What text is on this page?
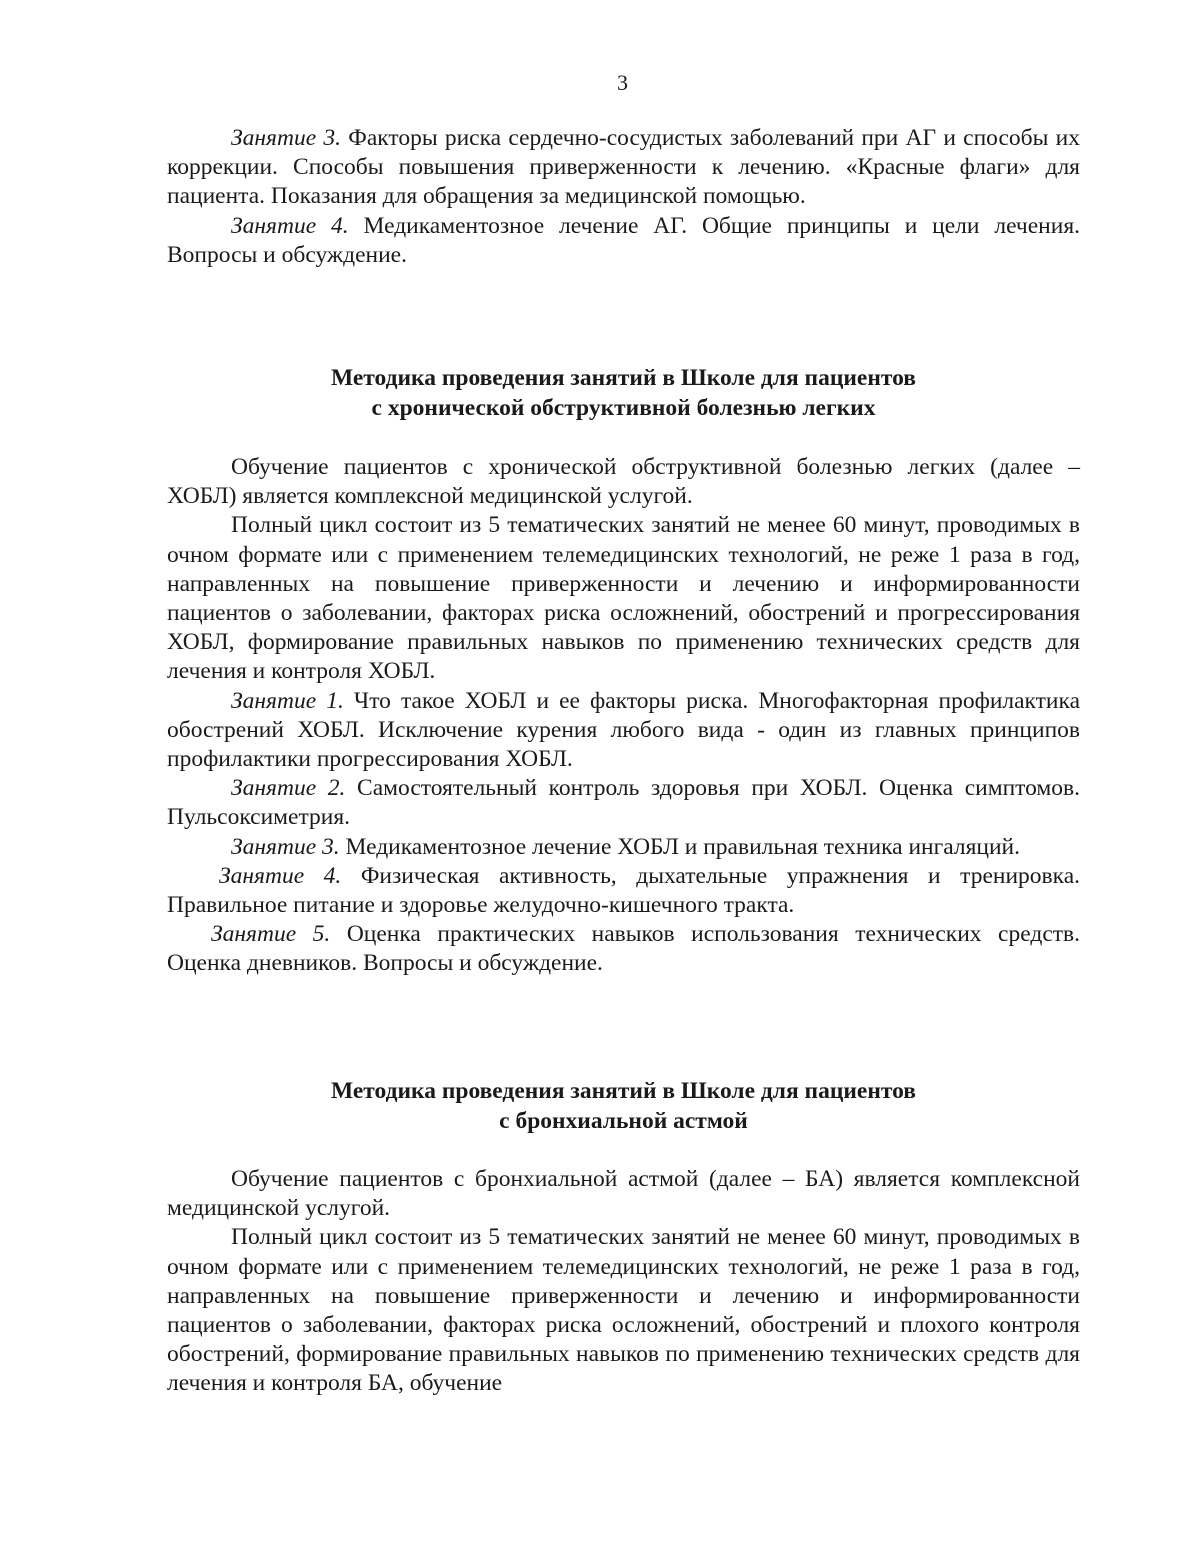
3

Занятие 3. Факторы риска сердечно-сосудистых заболеваний при АГ и способы их коррекции. Способы повышения приверженности к лечению. «Красные флаги» для пациента. Показания для обращения за медицинской помощью.

Занятие 4. Медикаментозное лечение АГ. Общие принципы и цели лечения. Вопросы и обсуждение.

Методика проведения занятий в Школе для пациентов
с хронической обструктивной болезнью легких

Обучение пациентов с хронической обструктивной болезнью легких (далее – ХОБЛ) является комплексной медицинской услугой.

Полный цикл состоит из 5 тематических занятий не менее 60 минут, проводимых в очном формате или с применением телемедицинских технологий, не реже 1 раза в год, направленных на повышение приверженности и лечению и информированности пациентов о заболевании, факторах риска осложнений, обострений и прогрессирования ХОБЛ, формирование правильных навыков по применению технических средств для лечения и контроля ХОБЛ.

Занятие 1. Что такое ХОБЛ и ее факторы риска. Многофакторная профилактика обострений ХОБЛ. Исключение курения любого вида - один из главных принципов профилактики прогрессирования ХОБЛ.

Занятие 2. Самостоятельный контроль здоровья при ХОБЛ. Оценка симптомов. Пульсоксиметрия.

Занятие 3. Медикаментозное лечение ХОБЛ и правильная техника ингаляций.

Занятие 4. Физическая активность, дыхательные упражнения и тренировка. Правильное питание и здоровье желудочно-кишечного тракта.

Занятие 5. Оценка практических навыков использования технических средств. Оценка дневников. Вопросы и обсуждение.

Методика проведения занятий в Школе для пациентов
с бронхиальной астмой

Обучение пациентов с бронхиальной астмой (далее – БА) является комплексной медицинской услугой.

Полный цикл состоит из 5 тематических занятий не менее 60 минут, проводимых в очном формате или с применением телемедицинских технологий, не реже 1 раза в год, направленных на повышение приверженности и лечению и информированности пациентов о заболевании, факторах риска осложнений, обострений и плохого контроля обострений, формирование правильных навыков по применению технических средств для лечения и контроля БА, обучение
